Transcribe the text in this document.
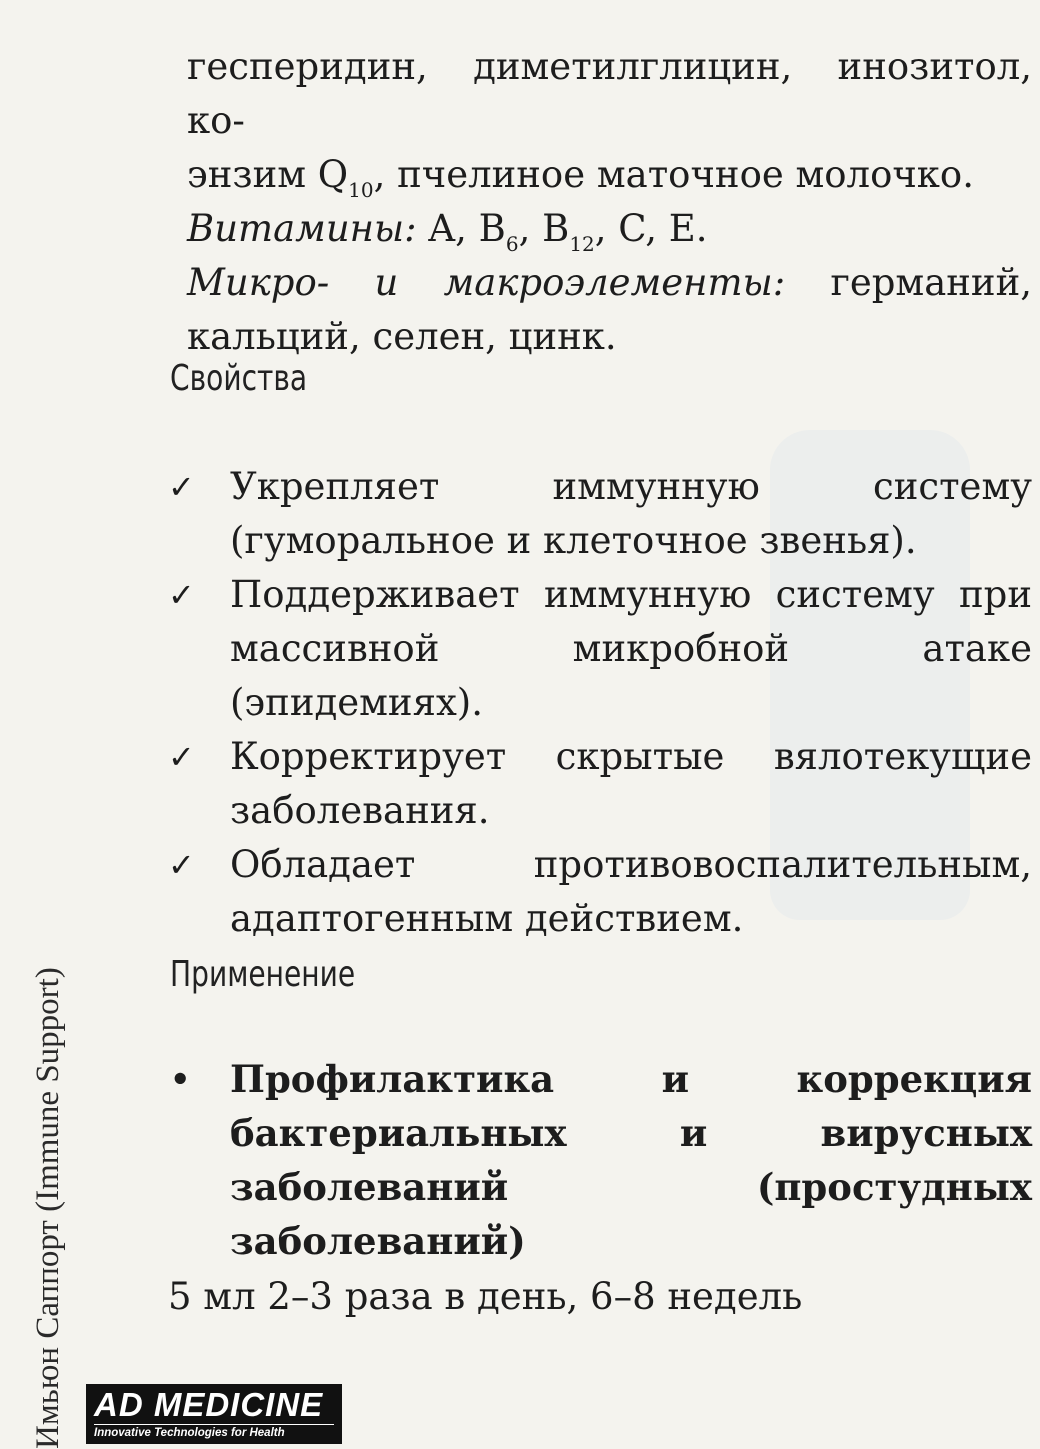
гесперидин, диметилглицин, инозитол, ко-

энзим $Q_{10}$, пчелиное маточное молочко.

Витамины: A, $B_6$, $B_{12}$, C, E.

Микро- и макроэлементы: германий, кальций, селен, цинк.

Свойства
✓ Укрепляет иммунную систему (гуморальное и клеточное звенья).
✓ Поддерживает иммунную систему при массивной микробной атаке (эпидемиях).
✓ Корректирует скрытые вялотекущие заболевания.
✓ Обладает противовоспалительным, адаптогенным действием.
Применение
• Профилактика и коррекция бактериальных и вирусных заболеваний (простудных заболеваний)
5 мл 2–3 раза в день, 6–8 недель
Имьюн Саппорт (Immune Support) AD MEDICINE
Innovative Technologies for Health
